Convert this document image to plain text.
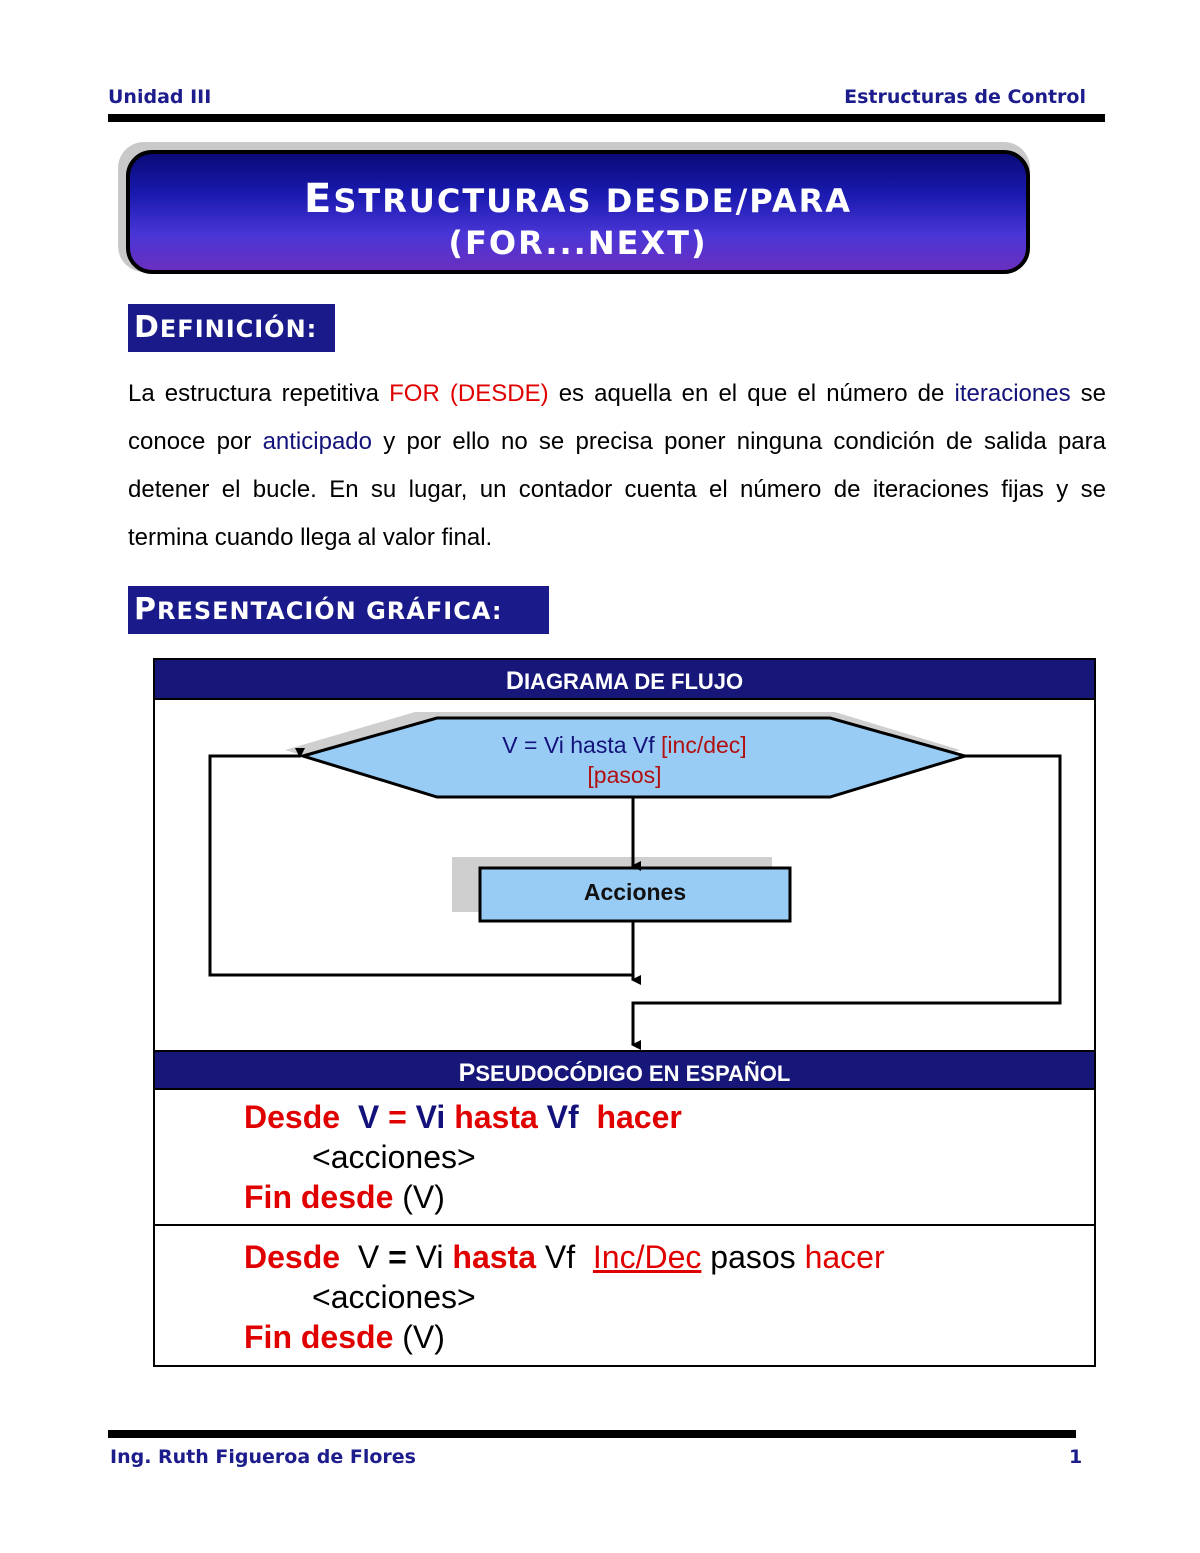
Unidad III	Estructuras de Control
ESTRUCTURAS DESDE/PARA
(FOR...NEXT)
DEFINICIÓN:
La estructura repetitiva FOR (DESDE) es aquella en el que el número de iteraciones se conoce por anticipado y por ello no se precisa poner ninguna condición de salida para detener el bucle. En su lugar, un contador cuenta el número de iteraciones fijas y se termina cuando llega al valor final.
PRESENTACIÓN GRÁFICA:
DIAGRAMA DE FLUJO
V = Vi hasta Vf [inc/dec]
[pasos]
Acciones
PSEUDOCÓDIGO EN ESPAÑOL
Desde V = Vi hasta Vf hacer
<acciones>
Fin desde (V)
Desde V = Vi hasta Vf Inc/Dec pasos hacer
<acciones>
Fin desde (V)
Ing. Ruth Figueroa de Flores	1
